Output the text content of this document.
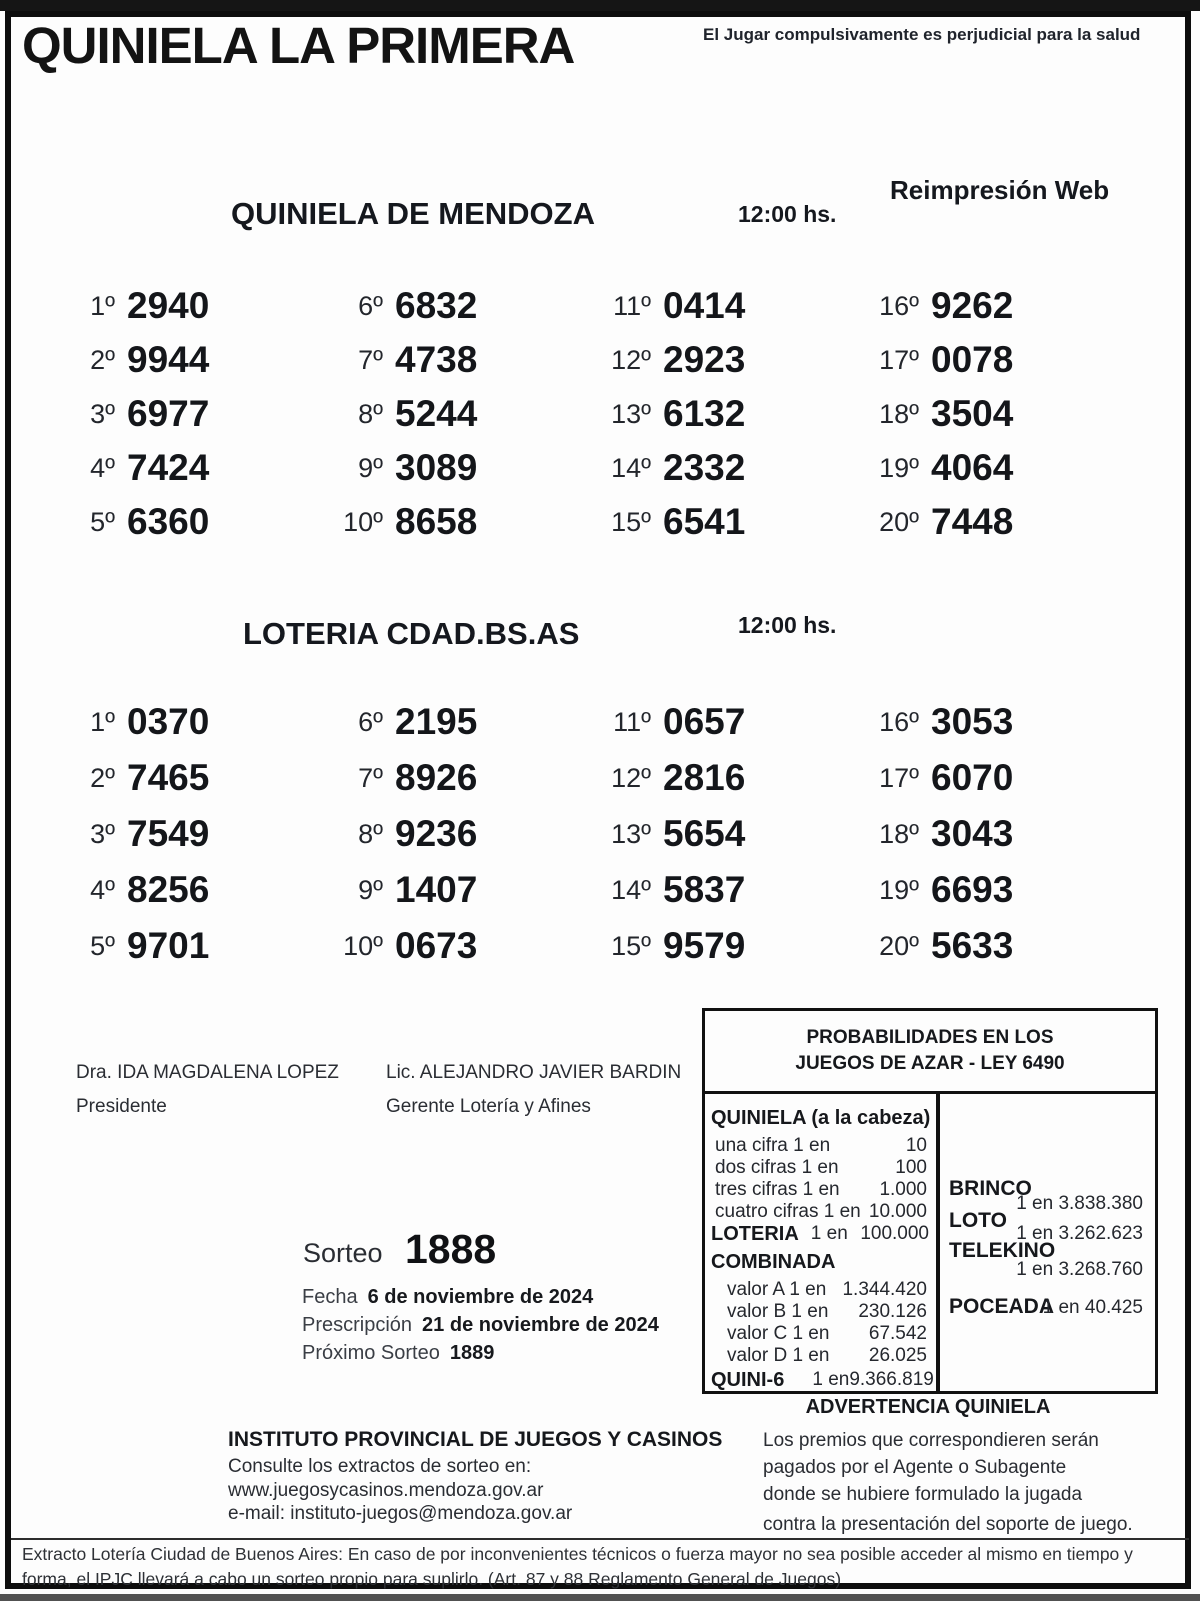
QUINIELA LA PRIMERA	El Jugar compulsivamente es perjudicial para la salud
QUINIELA DE MENDOZA	12:00 hs.
Reimpresión Web
1º 2940
2º 9944
3º 6977
4º 7424
5º 6360
6º 6832
7º 4738
8º 5244
9º 3089
10º 8658
11º 0414
12º 2923
13º 6132
14º 2332
15º 6541
16º 9262
17º 0078
18º 3504
19º 4064
20º 7448
LOTERIA CDAD.BS.AS	12:00 hs.
1º 0370
2º 7465
3º 7549
4º 8256
5º 9701
6º 2195
7º 8926
8º 9236
9º 1407
10º 0673
11º 0657
12º 2816
13º 5654
14º 5837
15º 9579
16º 3053
17º 6070
18º 3043
19º 6693
20º 5633
Dra. IDA MAGDALENA LOPEZ
Presidente
Lic. ALEJANDRO JAVIER BARDIN
Gerente Lotería y Afines
Sorteo 1888
Fecha 6 de noviembre de 2024
Prescripción 21 de noviembre de 2024
Próximo Sorteo 1889
PROBABILIDADES EN LOS
JUEGOS DE AZAR - LEY 6490
QUINIELA (a la cabeza)
una cifra 1 en	10
dos cifras 1 en	100
tres cifras 1 en 1.000
cuatro cifras 1 en 10.000
LOTERIA 1 en 100.000
COMBINADA
valor A 1 en 1.344.420
valor B 1 en 230.126
valor C 1 en 67.542
valor D 1 en 26.025
QUINI-6 1 en 9.366.819
BRINCO
1 en 3.838.380
LOTO
1 en 3.262.623
TELEKINO
1 en 3.268.760
POCEADA
1 en 40.425
ADVERTENCIA QUINIELA
Los premios que correspondieren serán
pagados por el Agente o Subagente
donde se hubiere formulado la jugada
contra la presentación del soporte de juego.
INSTITUTO PROVINCIAL DE JUEGOS Y CASINOS
Consulte los extractos de sorteo en:
www.juegosycasinos.mendoza.gov.ar
e-mail: instituto-juegos@mendoza.gov.ar
Extracto Lotería Ciudad de Buenos Aires: En caso de por inconvenientes técnicos o fuerza mayor no sea posible acceder al mismo en tiempo y
forma, el IPJC llevará a cabo un sorteo propio para suplirlo. (Art. 87 y 88 Reglamento General de Juegos)
